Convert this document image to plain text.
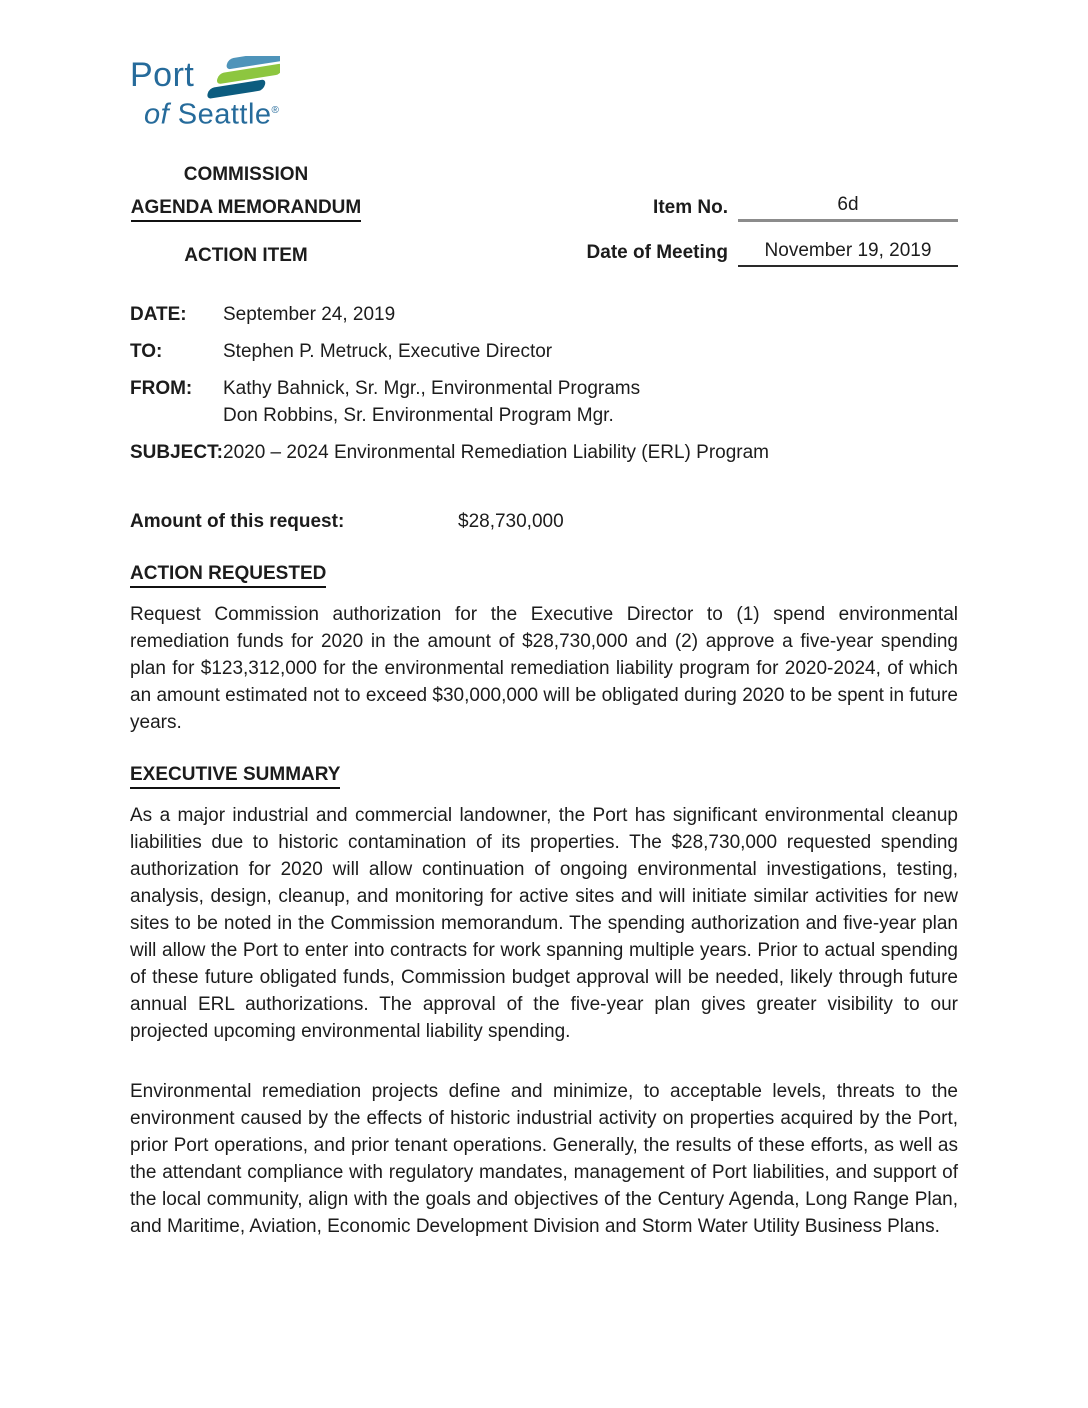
Port
of Seattle®
COMMISSION
AGENDA MEMORANDUM	Item No.	6d
ACTION ITEM	Date of Meeting	November 19, 2019
DATE:	September 24, 2019
TO:	Stephen P. Metruck, Executive Director
FROM:	Kathy Bahnick, Sr. Mgr., Environmental Programs
Don Robbins, Sr. Environmental Program Mgr.
SUBJECT: 2020 – 2024 Environmental Remediation Liability (ERL) Program
Amount of this request:	$28,730,000
ACTION REQUESTED

Request Commission authorization for the Executive Director to (1) spend environmental remediation funds for 2020 in the amount of $28,730,000 and (2) approve a five-year spending plan for $123,312,000 for the environmental remediation liability program for 2020-2024, of which an amount estimated not to exceed $30,000,000 will be obligated during 2020 to be spent in future years.

EXECUTIVE SUMMARY

As a major industrial and commercial landowner, the Port has significant environmental cleanup liabilities due to historic contamination of its properties. The $28,730,000 requested spending authorization for 2020 will allow continuation of ongoing environmental investigations, testing, analysis, design, cleanup, and monitoring for active sites and will initiate similar activities for new sites to be noted in the Commission memorandum. The spending authorization and five-year plan will allow the Port to enter into contracts for work spanning multiple years. Prior to actual spending of these future obligated funds, Commission budget approval will be needed, likely through future annual ERL authorizations. The approval of the five-year plan gives greater visibility to our projected upcoming environmental liability spending.

Environmental remediation projects define and minimize, to acceptable levels, threats to the environment caused by the effects of historic industrial activity on properties acquired by the Port, prior Port operations, and prior tenant operations. Generally, the results of these efforts, as well as the attendant compliance with regulatory mandates, management of Port liabilities, and support of the local community, align with the goals and objectives of the Century Agenda, Long Range Plan, and Maritime, Aviation, Economic Development Division and Storm Water Utility Business Plans.
